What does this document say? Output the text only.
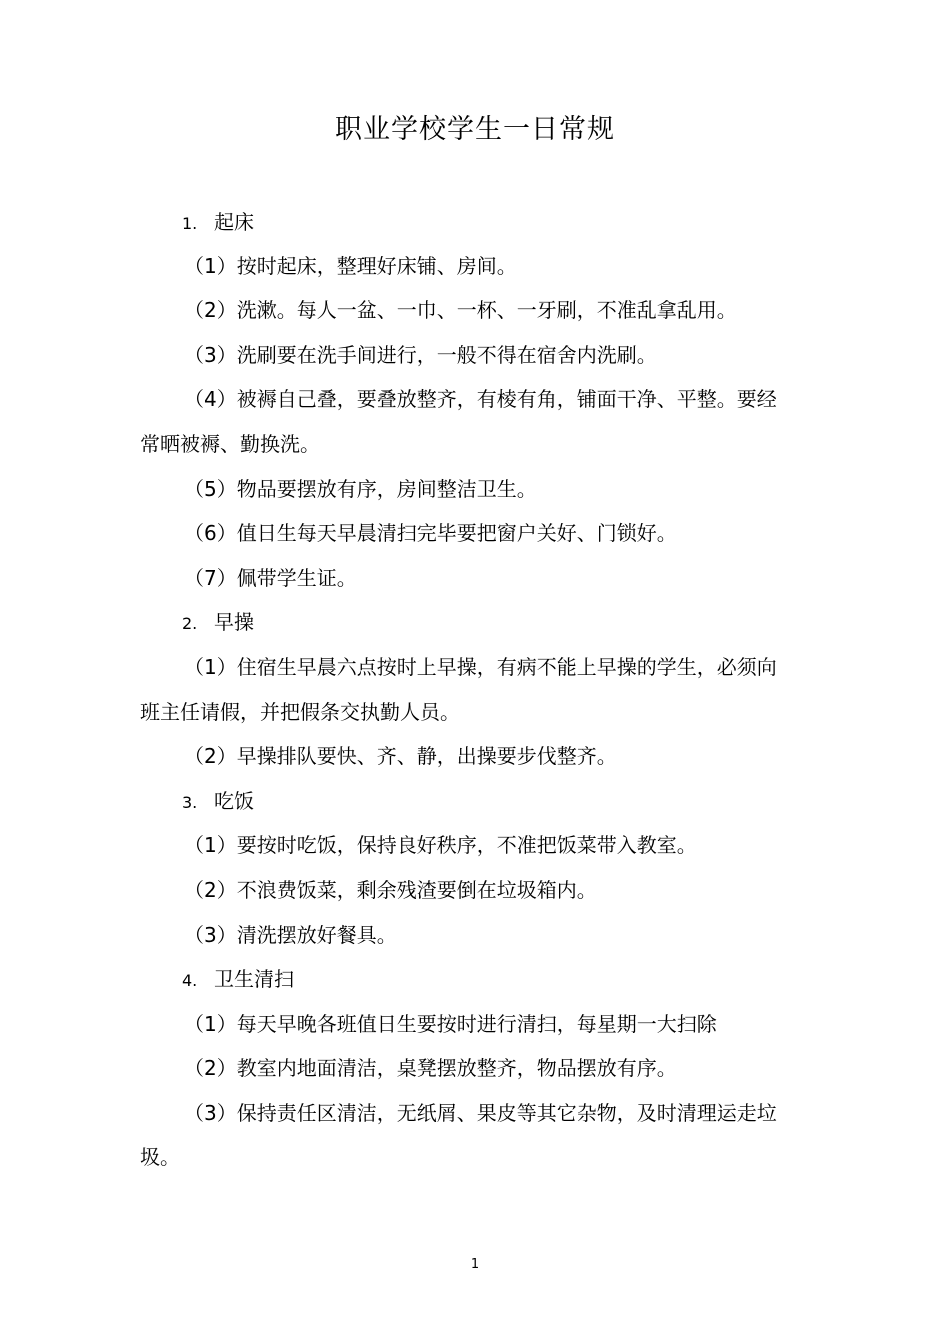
职业学校学生一日常规
1. 起床
（1）按时起床，整理好床铺、房间。
（2）洗漱。每人一盆、一巾、一杯、一牙刷，不准乱拿乱用。
（3）洗刷要在洗手间进行，一般不得在宿舍内洗刷。
（4）被褥自己叠，要叠放整齐，有棱有角，铺面干净、平整。要经
常晒被褥、勤换洗。
（5）物品要摆放有序，房间整洁卫生。
（6）值日生每天早晨清扫完毕要把窗户关好、门锁好。
（7）佩带学生证。
2. 早操
（1）住宿生早晨六点按时上早操，有病不能上早操的学生，必须向
班主任请假，并把假条交执勤人员。
（2）早操排队要快、齐、静，出操要步伐整齐。
3. 吃饭
（1）要按时吃饭，保持良好秩序，不准把饭菜带入教室。
（2）不浪费饭菜，剩余残渣要倒在垃圾箱内。
（3）清洗摆放好餐具。
4. 卫生清扫
（1）每天早晚各班值日生要按时进行清扫，每星期一大扫除
（2）教室内地面清洁，桌凳摆放整齐，物品摆放有序。
（3）保持责任区清洁，无纸屑、果皮等其它杂物，及时清理运走垃
圾。
1
